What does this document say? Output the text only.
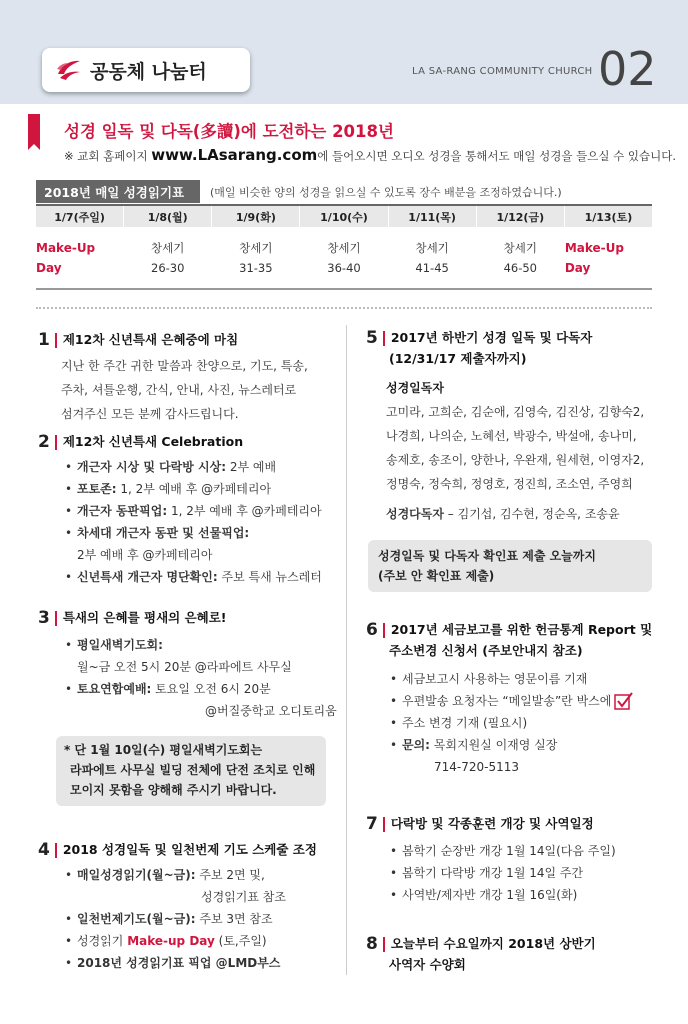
공동체 나눔터	LA SA-RANG COMMUNITY CHURCH 02
성경 일독 및 다독(多讀)에 도전하는 2018년
※ 교회 홈페이지 www.LAsarang.com에 들어오시면 오디오 성경을 통해서도 매일 성경을 들으실 수 있습니다.
2018년 매일 성경읽기표	(매일 비슷한 양의 성경을 읽으실 수 있도록 장수 배분을 조정하였습니다.)
1/7(주일)
Make-Up Day
1/8(월)
창세기
26-30
1/9(화)
창세기
31-35
1/10(수)
창세기
36-40
1/11(목)
창세기
41-45
1/12(금)
창세기
46-50
1/13(토)
Make-Up Day
1 제12차 신년특새 은혜중에 마침
지난 한 주간 귀한 말씀과 찬양으로, 기도, 특송,
주차, 셔틀운행, 간식, 안내, 사진, 뉴스레터로
섬겨주신 모든 분께 감사드립니다.
2 제12차 신년특새 Celebration
• 개근자 시상 및 다락방 시상: 2부 예배
• 포토존: 1, 2부 예배 후 @카페테리아
• 개근자 동판픽업: 1, 2부 예배 후 @카페테리아
• 차세대 개근자 동판 및 선물픽업:
2부 예배 후 @카페테리아
• 신년특새 개근자 명단확인: 주보 특새 뉴스레터
3 특새의 은혜를 평새의 은혜로!
• 평일새벽기도회:
월~금 오전 5시 20분 @라파에트 사무실
• 토요연합예배: 토요일 오전 6시 20분
@버질중학교 오디토리움
* 단 1월 10일(수) 평일새벽기도회는
라파에트 사무실 빌딩 전체에 단전 조치로 인해
모이지 못함을 양해해 주시기 바랍니다.
4 2018 성경일독 및 일천번제 기도 스케줄 조정
• 매일성경읽기(월~금): 주보 2면 및,
성경읽기표 참조
• 일천번제기도(월~금): 주보 3면 참조
• 성경읽기 Make-up Day (토,주일)
• 2018년 성경읽기표 픽업 @LMD부스
5 2017년 하반기 성경 일독 및 다독자
(12/31/17 제출자까지)
성경일독자
고미라, 고희순, 김순애, 김영숙, 김진상, 김향숙2,
나경희, 나의순, 노혜선, 박광수, 박설애, 송나미,
송제호, 송조이, 양한나, 우완재, 원세현, 이영자2,
정명숙, 정숙희, 정영호, 정진희, 조소연, 주영희
성경다독자 – 김기섭, 김수현, 정순옥, 조송윤
성경일독 및 다독자 확인표 제출 오늘까지
(주보 안 확인표 제출)
6 2017년 세금보고를 위한 헌금통계 Report 및
주소변경 신청서 (주보안내지 참조)
• 세금보고시 사용하는 영문이름 기재
• 우편발송 요청자는 “메일발송”란 박스에
• 주소 변경 기재 (필요시)
• 문의: 목회지원실 이재영 실장
714-720-5113
7 다락방 및 각종훈련 개강 및 사역일정
• 봄학기 순장반 개강 1월 14일(다음 주일)
• 봄학기 다락방 개강 1월 14일 주간
• 사역반/제자반 개강 1월 16일(화)
8 오늘부터 수요일까지 2018년 상반기
사역자 수양회
